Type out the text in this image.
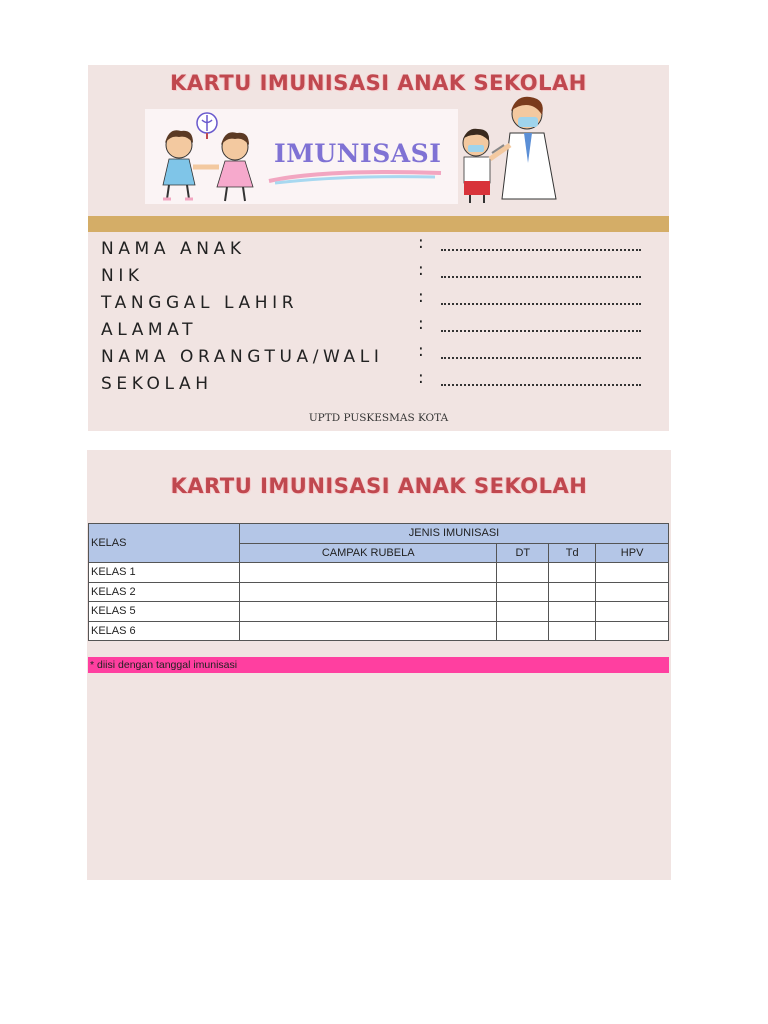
KARTU IMUNISASI ANAK SEKOLAH
IMUNISASI
NAMA ANAK	:
NIK	:
TANGGAL LAHIR	:
ALAMAT	:
NAMA ORANGTUA/WALI :
SEKOLAH	:
UPTD PUSKESMAS KOTA
KARTU IMUNISASI ANAK SEKOLAH
KELAS	JENIS IMUNISASI			
	CAMPAK RUBELA	DT	Td	HPV
KELAS 1				
KELAS 2				
KELAS 5				
KELAS 6				
* diisi dengan tanggal imunisasi
